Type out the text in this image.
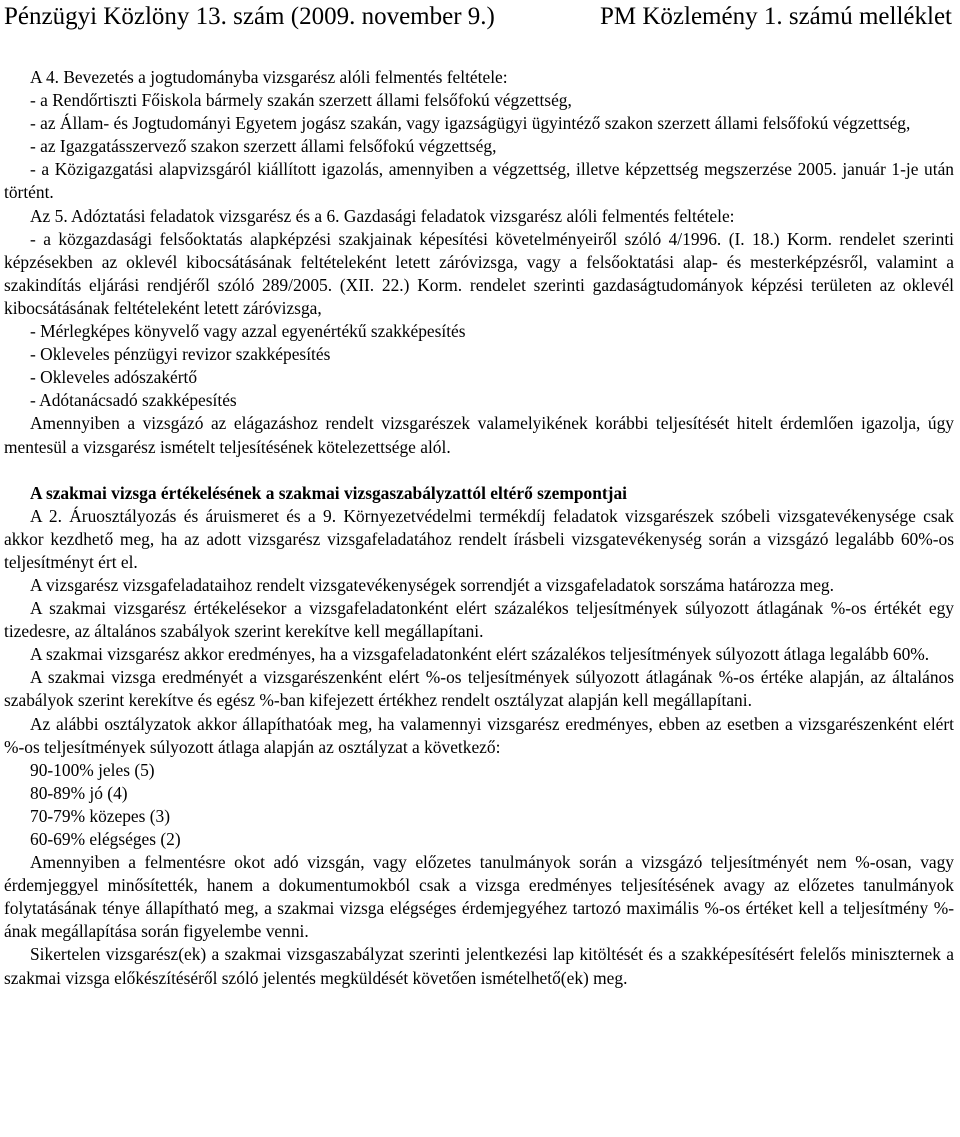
Pénzügyi Közlöny 13. szám (2009. november 9.)	PM Közlemény 1. számú melléklet

A 4. Bevezetés a jogtudományba vizsgarész alóli felmentés feltétele:

- a Rendőrtiszti Főiskola bármely szakán szerzett állami felsőfokú végzettség,

- az Állam- és Jogtudományi Egyetem jogász szakán, vagy igazságügyi ügyintéző szakon szerzett állami felsőfokú végzettség,

- az Igazgatásszervező szakon szerzett állami felsőfokú végzettség,

- a Közigazgatási alapvizsgáról kiállított igazolás, amennyiben a végzettség, illetve képzettség megszerzése 2005. január 1-je után történt.

Az 5. Adóztatási feladatok vizsgarész és a 6. Gazdasági feladatok vizsgarész alóli felmentés feltétele:

- a közgazdasági felsőoktatás alapképzési szakjainak képesítési követelményeiről szóló 4/1996. (I. 18.) Korm. rendelet szerinti képzésekben az oklevél kibocsátásának feltételeként letett záróvizsga, vagy a felsőoktatási alap- és mesterképzésről, valamint a szakindítás eljárási rendjéről szóló 289/2005. (XII. 22.) Korm. rendelet szerinti gazdaságtudományok képzési területen az oklevél kibocsátásának feltételeként letett záróvizsga,

- Mérlegképes könyvelő vagy azzal egyenértékű szakképesítés

- Okleveles pénzügyi revizor szakképesítés

- Okleveles adószakértő

- Adótanácsadó szakképesítés

Amennyiben a vizsgázó az elágazáshoz rendelt vizsgarészek valamelyikének korábbi teljesítését hitelt érdemlően igazolja, úgy mentesül a vizsgarész ismételt teljesítésének kötelezettsége alól.

A szakmai vizsga értékelésének a szakmai vizsgaszabályzattól eltérő szempontjai

A 2. Áruosztályozás és áruismeret és a 9. Környezetvédelmi termékdíj feladatok vizsgarészek szóbeli vizsgatevékenysége csak akkor kezdhető meg, ha az adott vizsgarész vizsgafeladatához rendelt írásbeli vizsgatevékenység során a vizsgázó legalább 60%-os teljesítményt ért el.

A vizsgarész vizsgafeladataihoz rendelt vizsgatevékenységek sorrendjét a vizsgafeladatok sorszáma határozza meg.

A szakmai vizsgarész értékelésekor a vizsgafeladatonként elért százalékos teljesítmények súlyozott átlagának %-os értékét egy tizedesre, az általános szabályok szerint kerekítve kell megállapítani.

A szakmai vizsgarész akkor eredményes, ha a vizsgafeladatonként elért százalékos teljesítmények súlyozott átlaga legalább 60%.

A szakmai vizsga eredményét a vizsgarészenként elért %-os teljesítmények súlyozott átlagának %-os értéke alapján, az általános szabályok szerint kerekítve és egész %-ban kifejezett értékhez rendelt osztályzat alapján kell megállapítani.

Az alábbi osztályzatok akkor állapíthatóak meg, ha valamennyi vizsgarész eredményes, ebben az esetben a vizsgarészenként elért %-os teljesítmények súlyozott átlaga alapján az osztályzat a következő:

90-100% jeles (5)

80-89% jó (4)

70-79% közepes (3)

60-69% elégséges (2)

Amennyiben a felmentésre okot adó vizsgán, vagy előzetes tanulmányok során a vizsgázó teljesítményét nem %-osan, vagy érdemjeggyel minősítették, hanem a dokumentumokból csak a vizsga eredményes teljesítésének avagy az előzetes tanulmányok folytatásának ténye állapítható meg, a szakmai vizsga elégséges érdemjegyéhez tartozó maximális %-os értéket kell a teljesítmény %-ának megállapítása során figyelembe venni.

Sikertelen vizsgarész(ek) a szakmai vizsgaszabályzat szerinti jelentkezési lap kitöltését és a szakképesítésért felelős miniszternek a szakmai vizsga előkészítéséről szóló jelentés megküldését követően ismételhető(ek) meg.
